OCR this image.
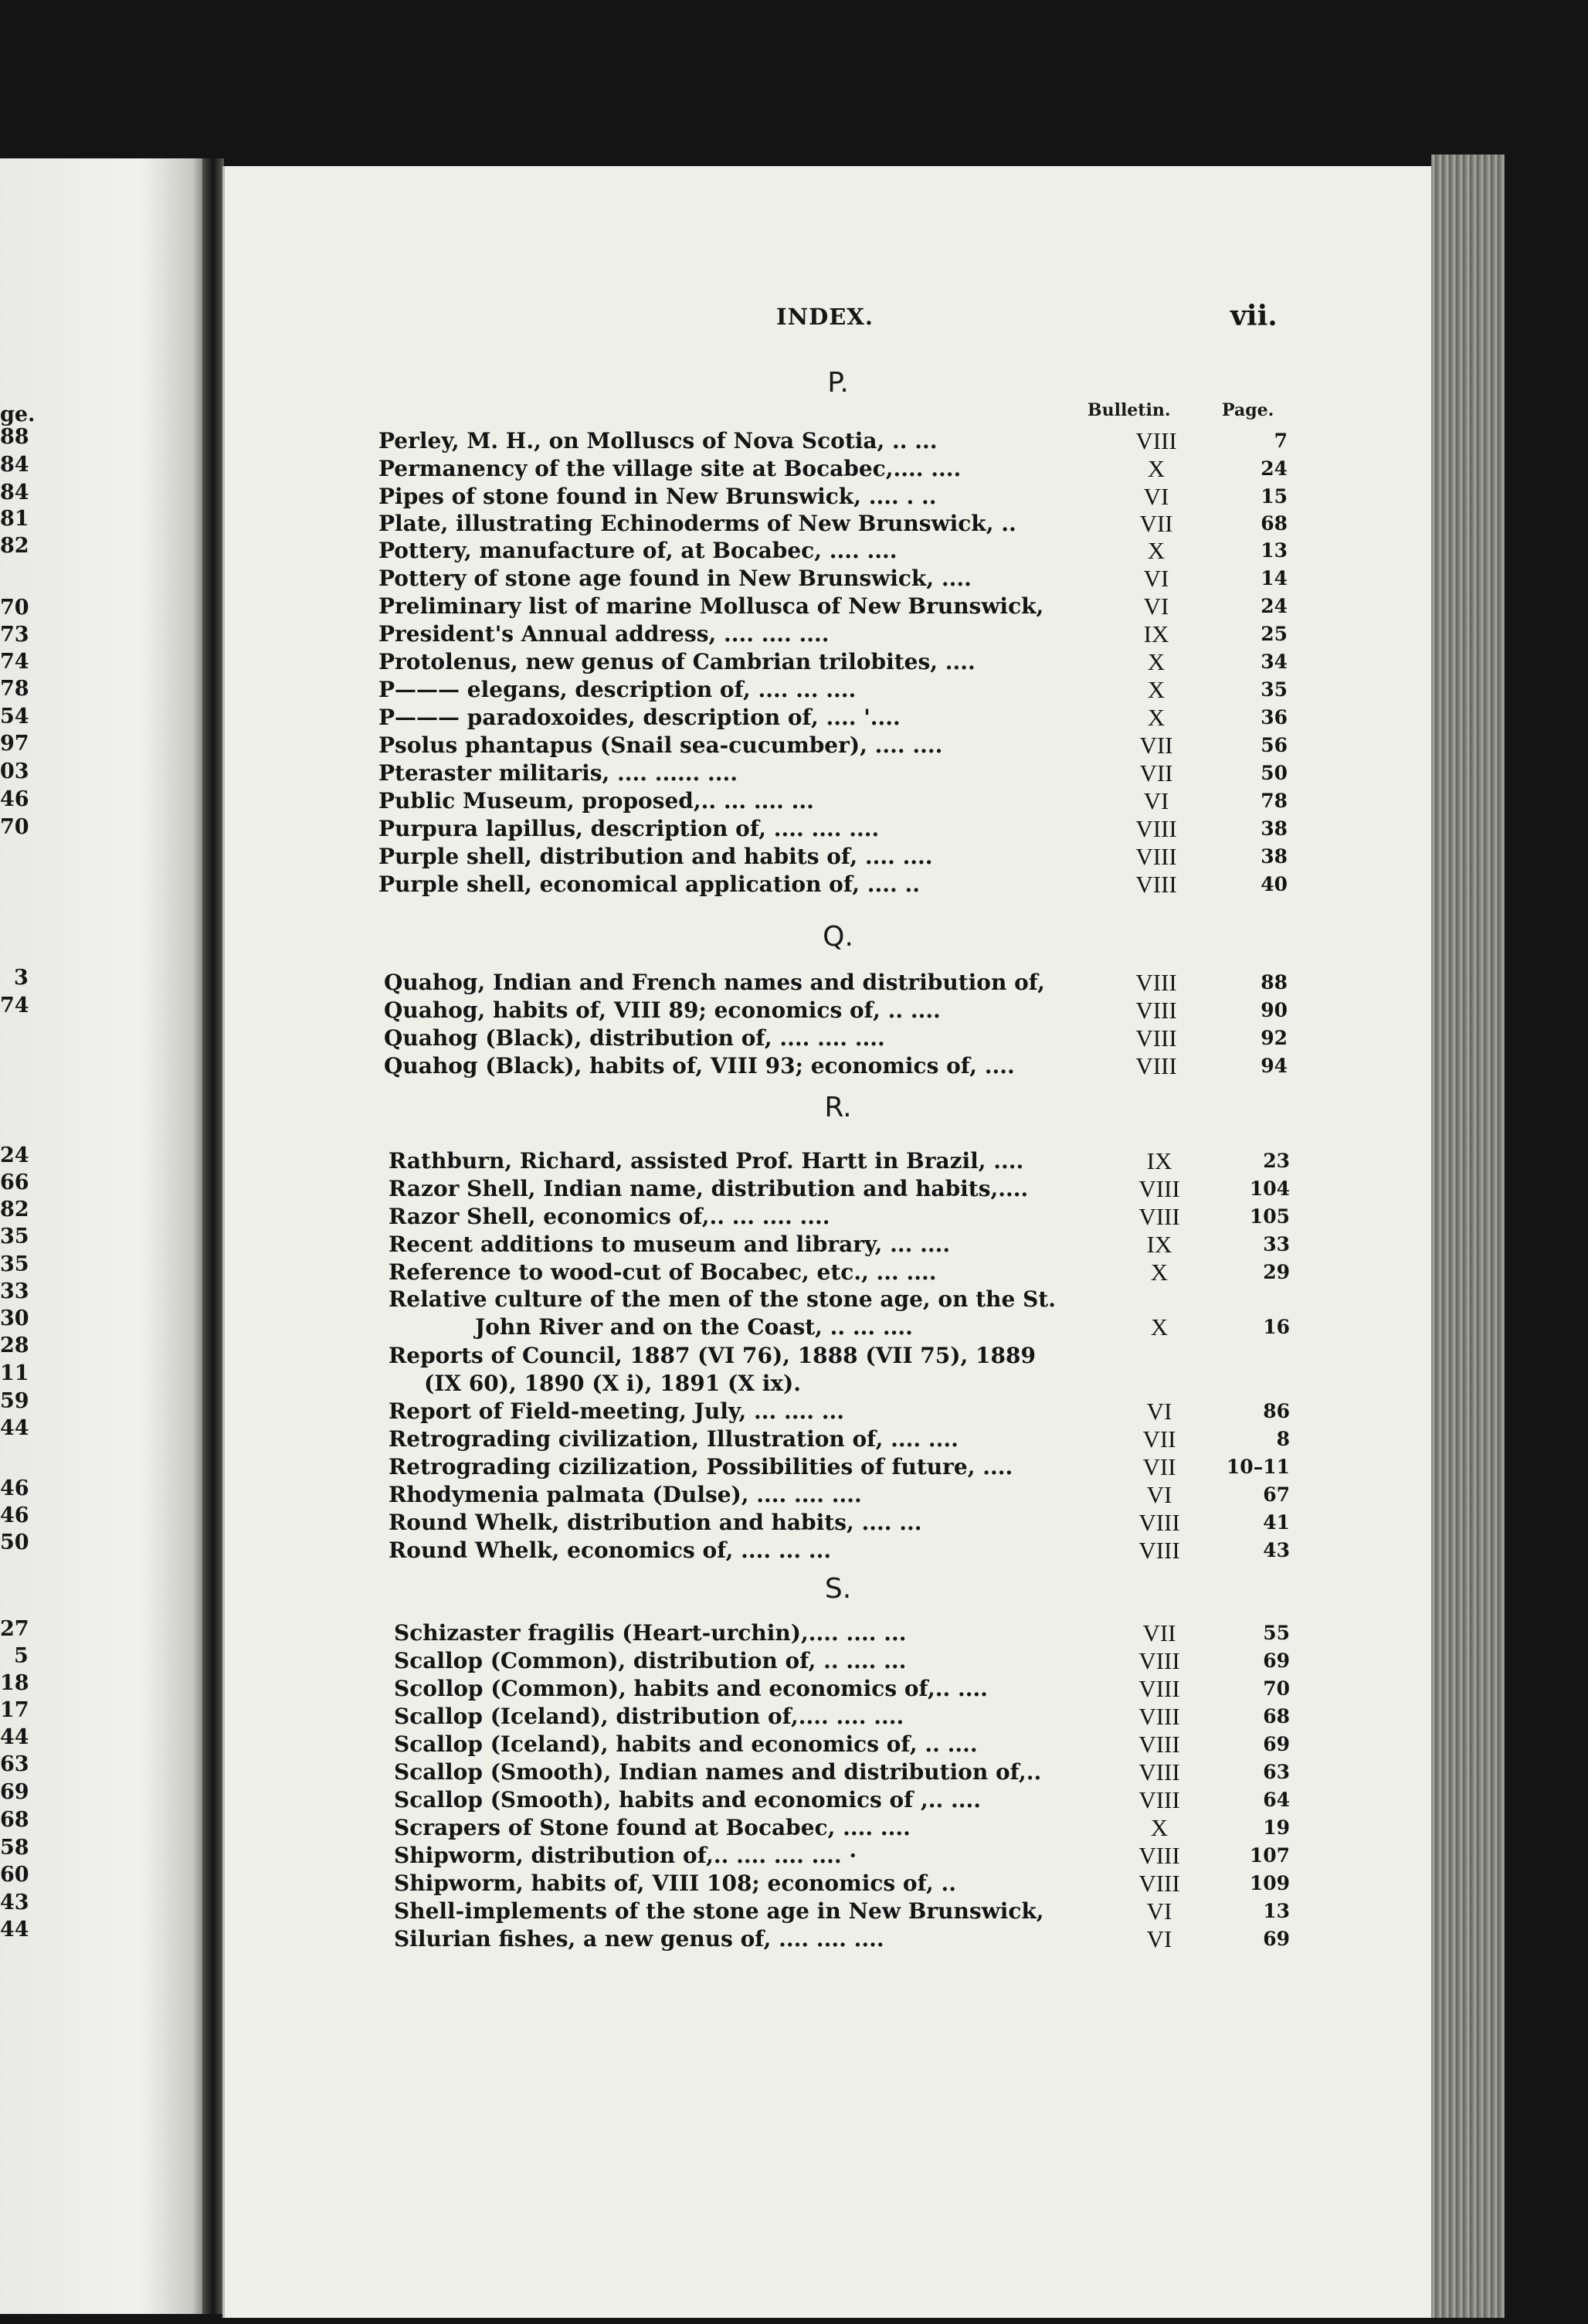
ge.
88
84
84
81
82
70
73
74
78
54
97
03
46
70
3
74
24
66
82
35
35
33
30
28
11
59
44
46
46
50
27
5
18
17
44
63
69
68
58
60
43
44
INDEX.	vii.
Bulletin.	Page.
P.
Perley, M. H., on Molluscs of Nova Scotia, .. ...	VIII	7
Permanency of the village site at Bocabec,.... ....	X	24
Pipes of stone found in New Brunswick, .... . ..	VI	15
Plate, illustrating Echinoderms of New Brunswick, ..	VII	68
Pottery, manufacture of, at Bocabec, .... ....	X	13
Pottery of stone age found in New Brunswick, ....	VI	14
Preliminary list of marine Mollusca of New Brunswick,	VI	24
President's Annual address, .... .... ....	IX	25
Protolenus, new genus of Cambrian trilobites, ....	X	34
P——— elegans, description of, .... ... ....	X	35
P——— paradoxoides, description of, .... '....	X	36
Psolus phantapus (Snail sea-cucumber), .... ....	VII	56
Pteraster militaris, .... ...... ....	VII	50
Public Museum, proposed,.. ... .... ...	VI	78
Purpura lapillus, description of, .... .... ....	VIII	38
Purple shell, distribution and habits of, .... ....	VIII	38
Purple shell, economical application of, .... ..	VIII	40
Q.
Quahog, Indian and French names and distribution of,	VIII	88
Quahog, habits of, VIII 89; economics of, .. ....	VIII	90
Quahog (Black), distribution of, .... .... ....	VIII	92
Quahog (Black), habits of, VIII 93; economics of, ....	VIII	94
R.
Rathburn, Richard, assisted Prof. Hartt in Brazil, ....	IX	23
Razor Shell, Indian name, distribution and habits,....	VIII	104
Razor Shell, economics of,.. ... .... ....	VIII	105
Recent additions to museum and library, ... ....	IX	33
Reference to wood-cut of Bocabec, etc., ... ....	X	29
Relative culture of the men of the stone age, on the St.
John River and on the Coast, .. ... ....	X	16
Reports of Council, 1887 (VI 76), 1888 (VII 75), 1889
(IX 60), 1890 (X i), 1891 (X ix).
Report of Field-meeting, July, ... .... ...	VI	86
Retrograding civilization, Illustration of, .... ....	VII	8
Retrograding cizilization, Possibilities of future, ....	VII	10–11
Rhodymenia palmata (Dulse), .... .... ....	VI	67
Round Whelk, distribution and habits, .... ...	VIII	41
Round Whelk, economics of, .... ... ...	VIII	43
S.
Schizaster fragilis (Heart-urchin),.... .... ...	VII	55
Scallop (Common), distribution of, .. .... ...	VIII	69
Scollop (Common), habits and economics of,.. ....	VIII	70
Scallop (Iceland), distribution of,.... .... ....	VIII	68
Scallop (Iceland), habits and economics of, .. ....	VIII	69
Scallop (Smooth), Indian names and distribution of,..	VIII	63
Scallop (Smooth), habits and economics of ,.. ....	VIII	64
Scrapers of Stone found at Bocabec, .... ....	X	19
Shipworm, distribution of,.. .... .... .... ·	VIII	107
Shipworm, habits of, VIII 108; economics of, ..	VIII	109
Shell-implements of the stone age in New Brunswick,	VI	13
Silurian fishes, a new genus of, .... .... ....	VI	69
